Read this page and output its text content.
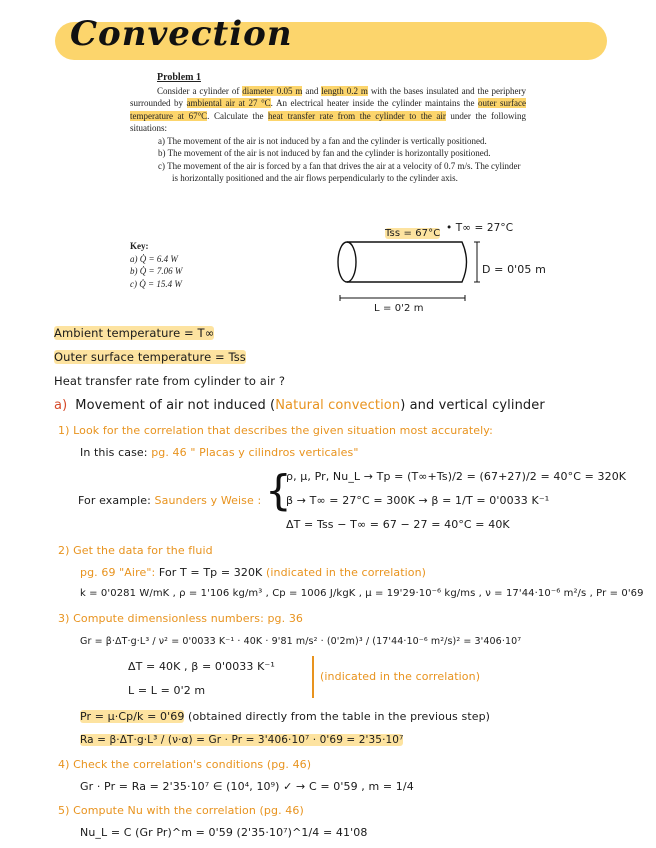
Convection

Problem 1

Consider a cylinder of diameter 0.05 m and length 0.2 m with the bases insulated and the periphery surrounded by ambiental air at 27 °C. An electrical heater inside the cylinder maintains the outer surface temperature at 67°C. Calculate the heat transfer rate from the cylinder to the air under the following situations:

a) The movement of the air is not induced by a fan and the cylinder is vertically positioned.
b) The movement of the air is not induced by fan and the cylinder is horizontally positioned.
c) The movement of the air is forced by a fan that drives the air at a velocity of 0.7 m/s. The cylinder is horizontally positioned and the air flows perpendicularly to the cylinder axis.

Key:

a) Q̇ = 6.4 W

b) Q̇ = 7.06 W

c) Q̇ = 15.4 W

Tss = 67°C • T∞ = 27°C
D = 0'05 m
L = 0'2 m
Ambient temperature = T∞
Outer surface temperature = Tss
Heat transfer rate from cylinder to air ?
a) Movement of air not induced (Natural convection) and vertical cylinder
1) Look for the correlation that describes the given situation most accurately:
In this case: pg. 46 " Placas y cilindros verticales"
For example: Saunders y Weise : {
ρ, μ, Pr, Nu_L → Tp = (T∞+Ts)/2 = (67+27)/2 = 40°C = 320K
β → T∞ = 27°C = 300K → β = 1/T = 0'0033 K⁻¹
ΔT = Tss − T∞ = 67 − 27 = 40°C = 40K
2) Get the data for the fluid
pg. 69 "Aire": For T = Tp = 320K (indicated in the correlation)
k = 0'0281 W/mK , ρ = 1'106 kg/m³ , Cp = 1006 J/kgK , μ = 19'29·10⁻⁶ kg/ms , ν = 17'44·10⁻⁶ m²/s , Pr = 0'69
3) Compute dimensionless numbers: pg. 36
Gr = β·ΔT·g·L³ / ν² = 0'0033 K⁻¹ · 40K · 9'81 m/s² · (0'2m)³ / (17'44·10⁻⁶ m²/s)² = 3'406·10⁷
ΔT = 40K , β = 0'0033 K⁻¹
L = L = 0'2 m
(indicated in the correlation)
Pr = μ·Cp/k = 0'69 (obtained directly from the table in the previous step)
Ra = β·ΔT·g·L³ / (ν·α) = Gr · Pr = 3'406·10⁷ · 0'69 = 2'35·10⁷
4) Check the correlation's conditions (pg. 46)
Gr · Pr = Ra = 2'35·10⁷ ∈ (10⁴, 10⁹) ✓ → C = 0'59 , m = 1/4
5) Compute Nu with the correlation (pg. 46)
Nu_L = C (Gr Pr)^m = 0'59 (2'35·10⁷)^1/4 = 41'08
